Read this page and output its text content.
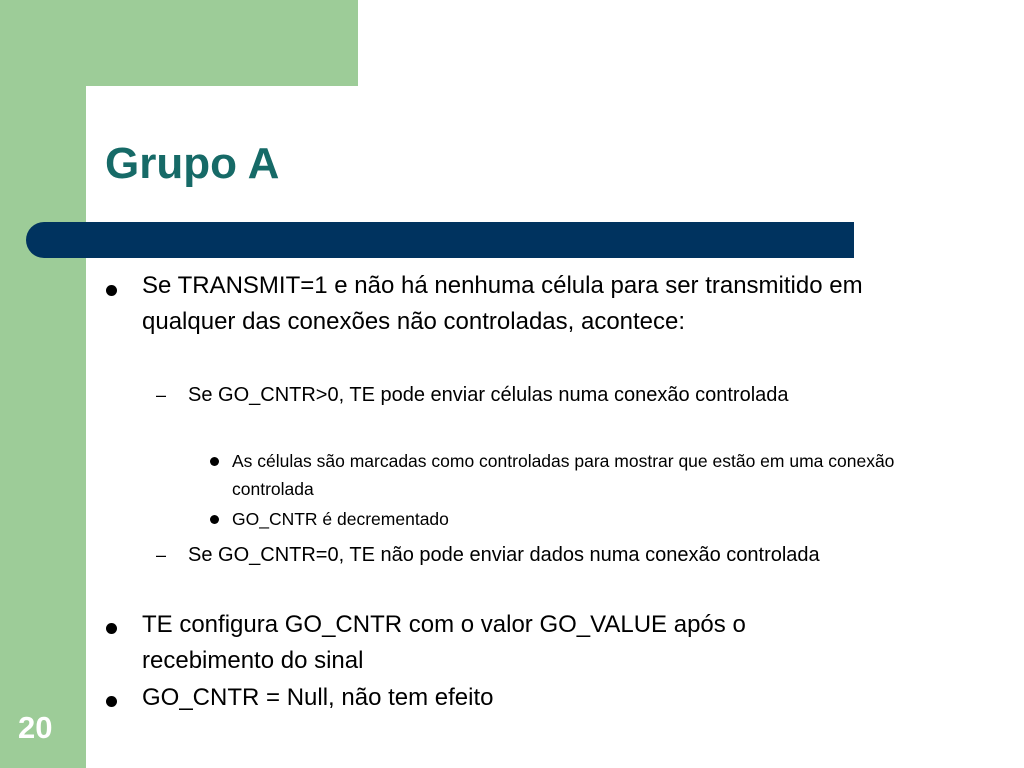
Grupo A

Se TRANSMIT=1 e não há nenhuma célula para ser transmitido em qualquer das conexões não controladas, acontece:

– Se GO_CNTR>0, TE pode enviar células numa conexão controlada

As células são marcadas como controladas para mostrar que estão em uma conexão controlada

GO_CNTR é decrementado

– Se GO_CNTR=0, TE não pode enviar dados numa conexão controlada

TE configura GO_CNTR com o valor GO_VALUE após o recebimento do sinal

GO_CNTR = Null, não tem efeito

20
